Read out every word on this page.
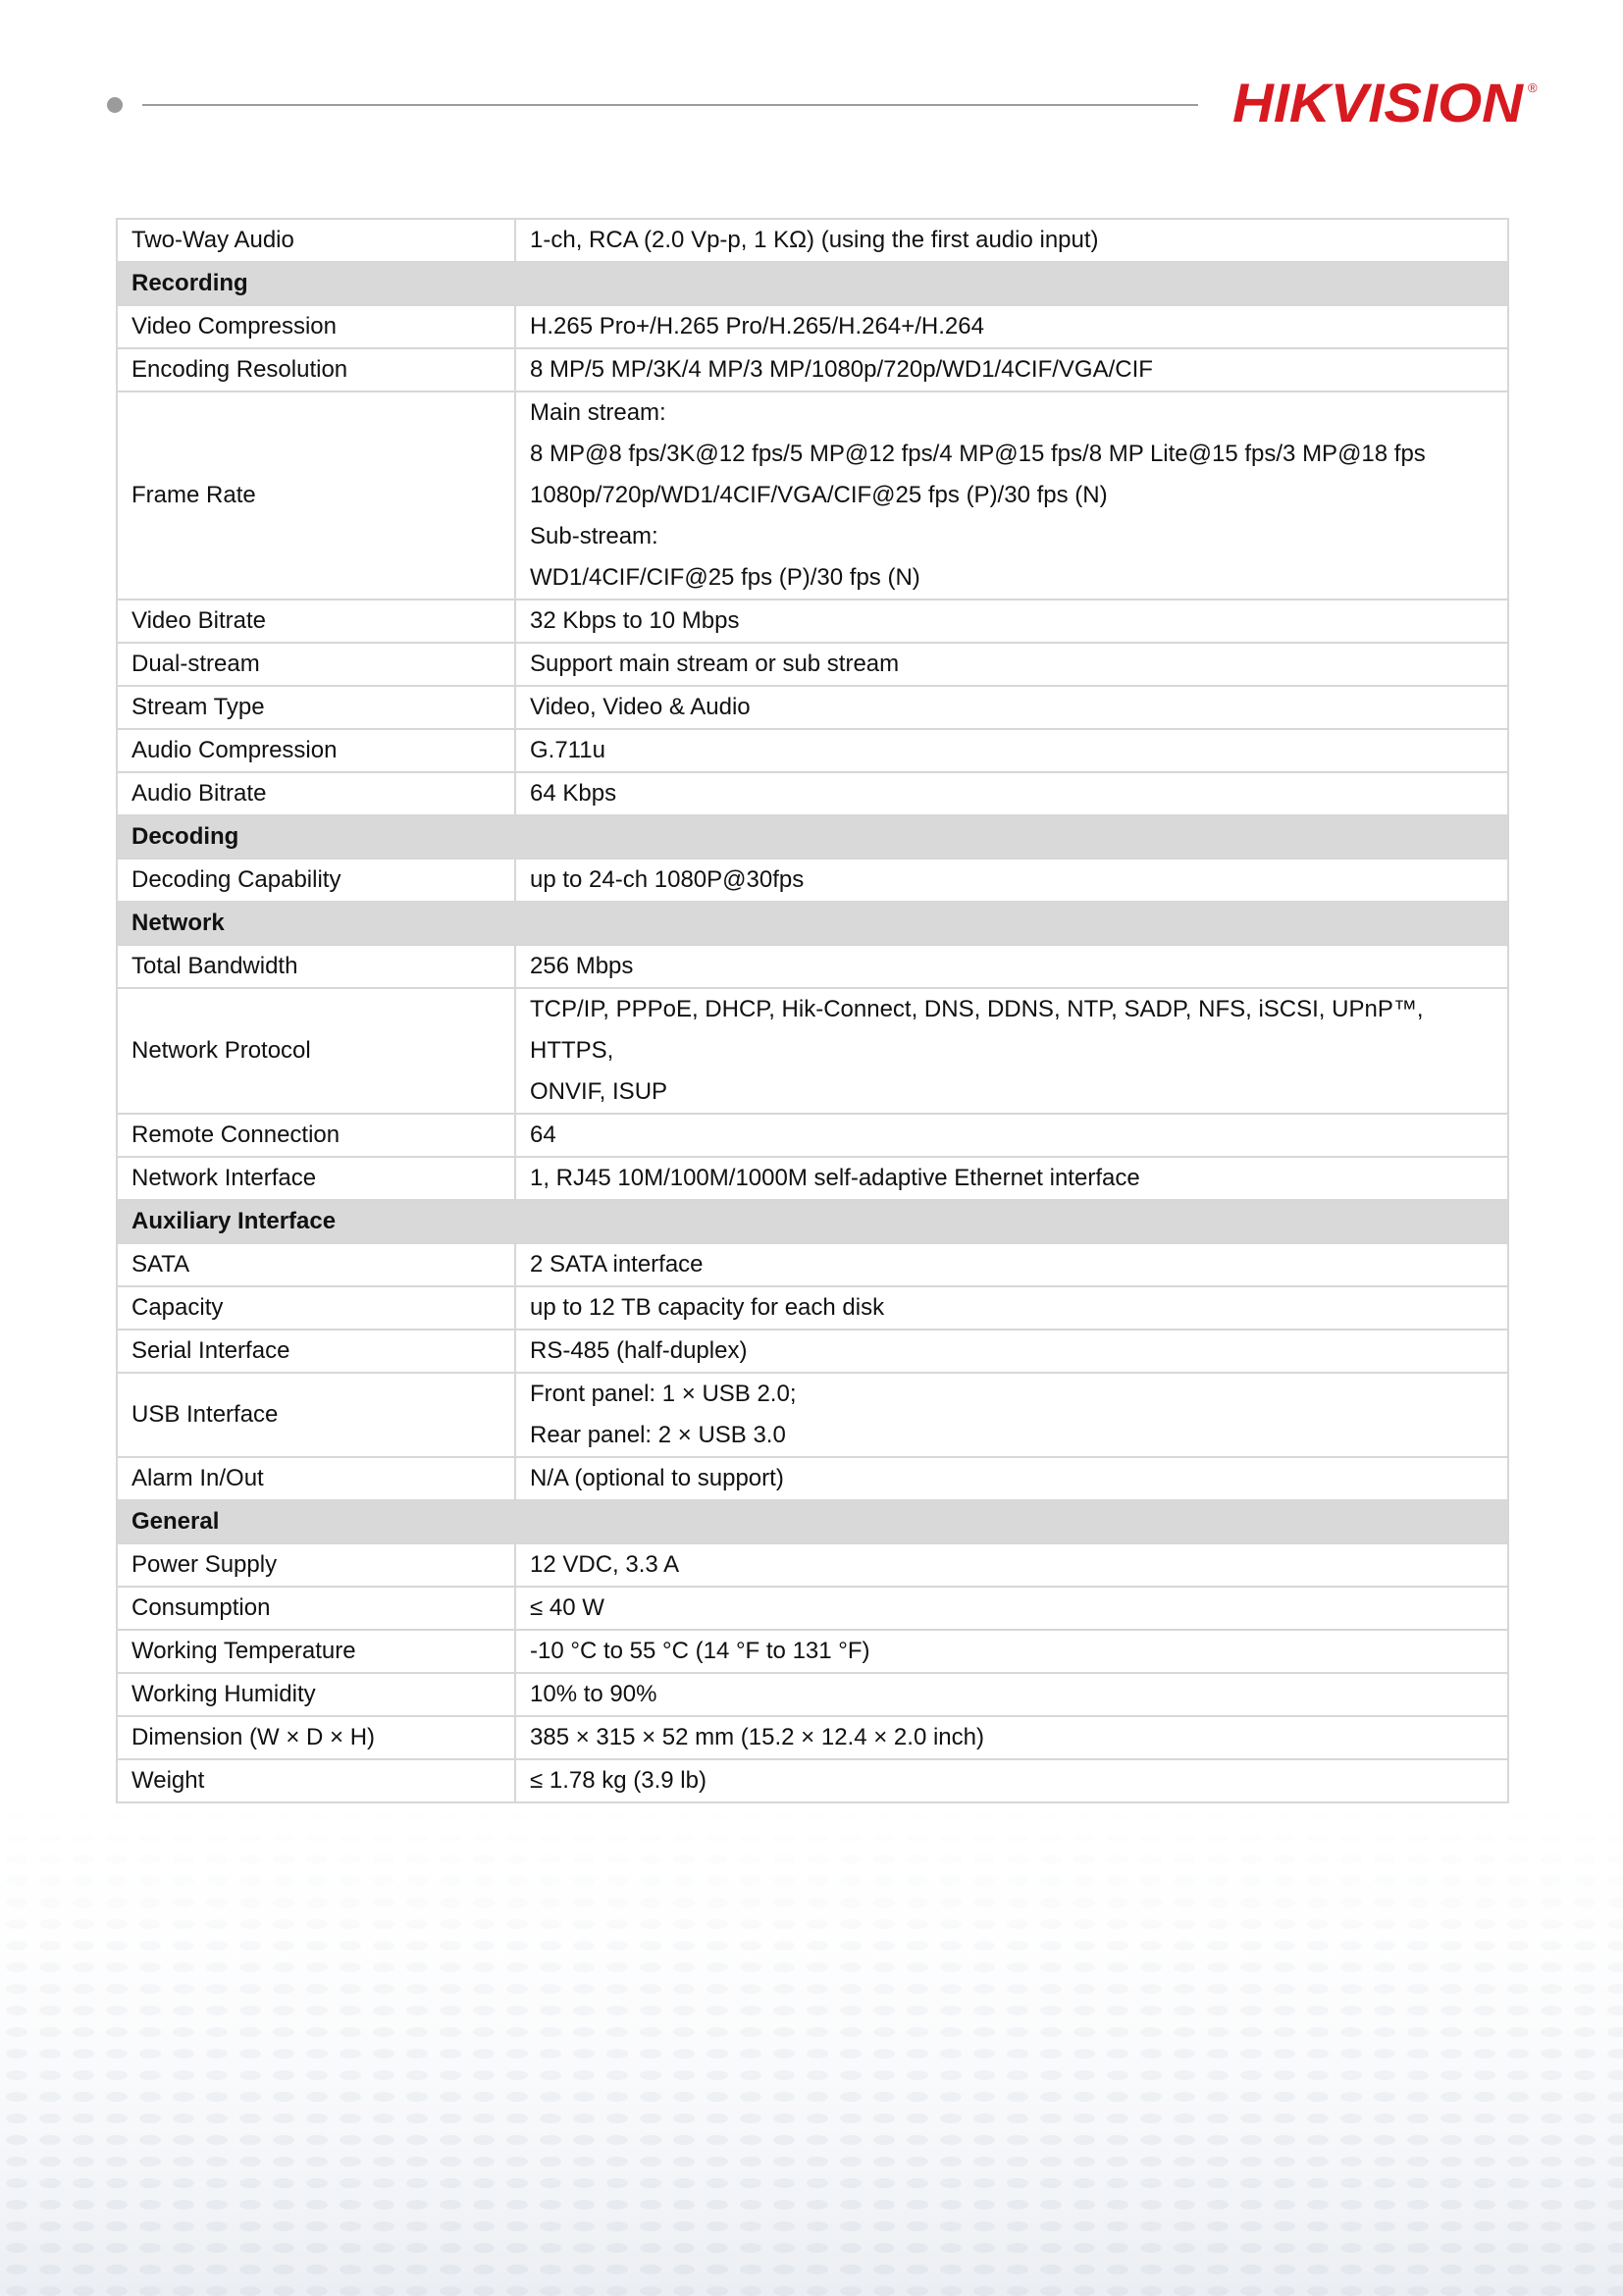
HIKVISION ®
Two-Way Audio	1-ch, RCA (2.0 Vp-p, 1 KΩ) (using the first audio input)

Recording	
Video Compression	H.265 Pro+/H.265 Pro/H.265/H.264+/H.264

Encoding Resolution	8 MP/5 MP/3K/4 MP/3 MP/1080p/720p/WD1/4CIF/VGA/CIF

Frame Rate	Main stream:
8 MP@8 fps/3K@12 fps/5 MP@12 fps/4 MP@15 fps/8 MP Lite@15 fps/3 MP@18 fps
1080p/720p/WD1/4CIF/VGA/CIF@25 fps (P)/30 fps (N)
Sub-stream:
WD1/4CIF/CIF@25 fps (P)/30 fps (N)

Video Bitrate	32 Kbps to 10 Mbps

Dual-stream	Support main stream or sub stream

Stream Type	Video, Video & Audio

Audio Compression	G.711u

Audio Bitrate	64 Kbps

Decoding	
Decoding Capability	up to 24-ch 1080P@30fps

Network	
Total Bandwidth	256 Mbps

Network Protocol	TCP/IP, PPPoE, DHCP, Hik-Connect, DNS, DDNS, NTP, SADP, NFS, iSCSI, UPnP™, HTTPS,
ONVIF, ISUP

Remote Connection	64

Network Interface	1, RJ45 10M/100M/1000M self-adaptive Ethernet interface

Auxiliary Interface	
SATA	2 SATA interface

Capacity	up to 12 TB capacity for each disk

Serial Interface	RS-485 (half-duplex)

USB Interface	Front panel: 1 × USB 2.0;
Rear panel: 2 × USB 3.0

Alarm In/Out	N/A (optional to support)

General	
Power Supply	12 VDC, 3.3 A

Consumption	≤ 40 W

Working Temperature	-10 °C to 55 °C (14 °F to 131 °F)

Working Humidity	10% to 90%

Dimension (W × D × H)	385 × 315 × 52 mm (15.2 × 12.4 × 2.0 inch)

Weight	≤ 1.78 kg (3.9 lb)
